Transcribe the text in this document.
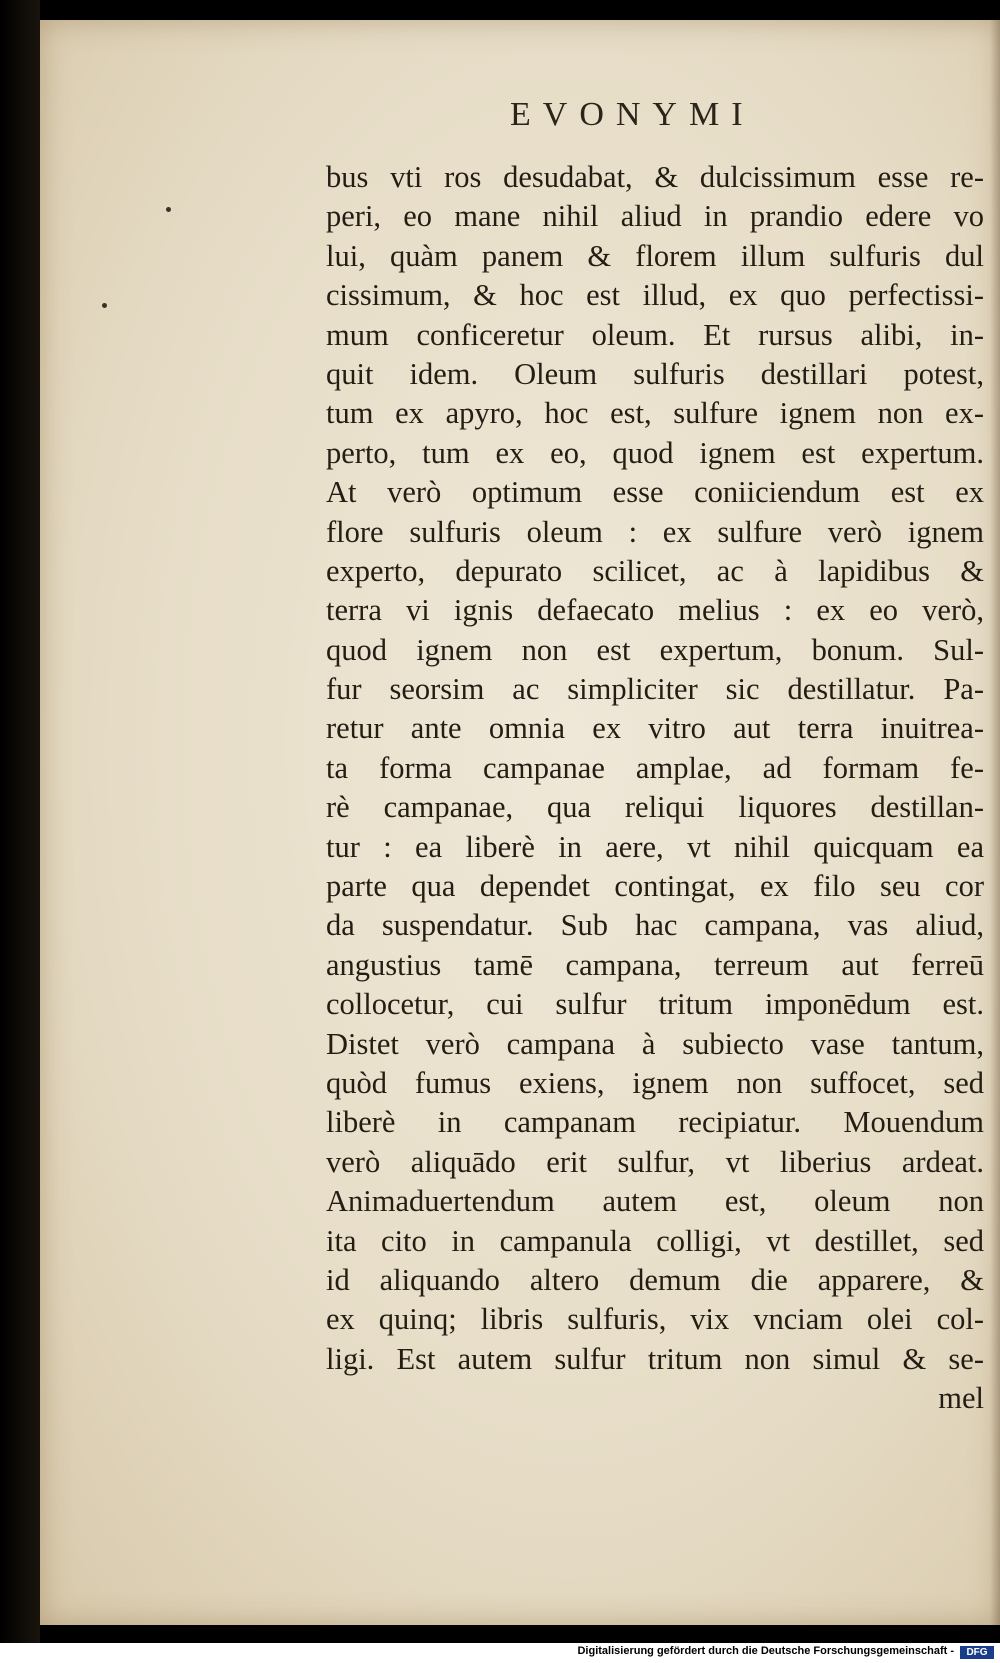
EVONYMI
bus vti ros desudabat, & dulcissimum esse re-
peri, eo mane nihil aliud in prandio edere vo
lui, quàm panem & florem illum sulfuris dul
cissimum, & hoc est illud, ex quo perfectissi-
mum conficeretur oleum. Et rursus alibi, in-
quit idem. Oleum sulfuris destillari potest,
tum ex apyro, hoc est, sulfure ignem non ex-
perto, tum ex eo, quod ignem est expertum.
At verò optimum esse coniiciendum est ex
flore sulfuris oleum : ex sulfure verò ignem
experto, depurato scilicet, ac à lapidibus &
terra vi ignis defaecato melius : ex eo verò,
quod ignem non est expertum, bonum. Sul-
fur seorsim ac simpliciter sic destillatur. Pa-
retur ante omnia ex vitro aut terra inuitrea-
ta forma campanae amplae, ad formam fe-
rè campanae, qua reliqui liquores destillan-
tur : ea liberè in aere, vt nihil quicquam ea
parte qua dependet contingat, ex filo seu cor
da suspendatur. Sub hac campana, vas aliud,
angustius tamē campana, terreum aut ferreū
collocetur, cui sulfur tritum imponēdum est.
Distet verò campana à subiecto vase tantum,
quòd fumus exiens, ignem non suffocet, sed
liberè in campanam recipiatur. Mouendum
verò aliquādo erit sulfur, vt liberius ardeat.
Animaduertendum autem est, oleum non
ita cito in campanula colligi, vt destillet, sed
id aliquando altero demum die apparere, &
ex quinq; libris sulfuris, vix vnciam olei col-
ligi. Est autem sulfur tritum non simul & se-
mel
Digitalisierung gefördert durch die Deutsche Forschungsgemeinschaft -	DFG
